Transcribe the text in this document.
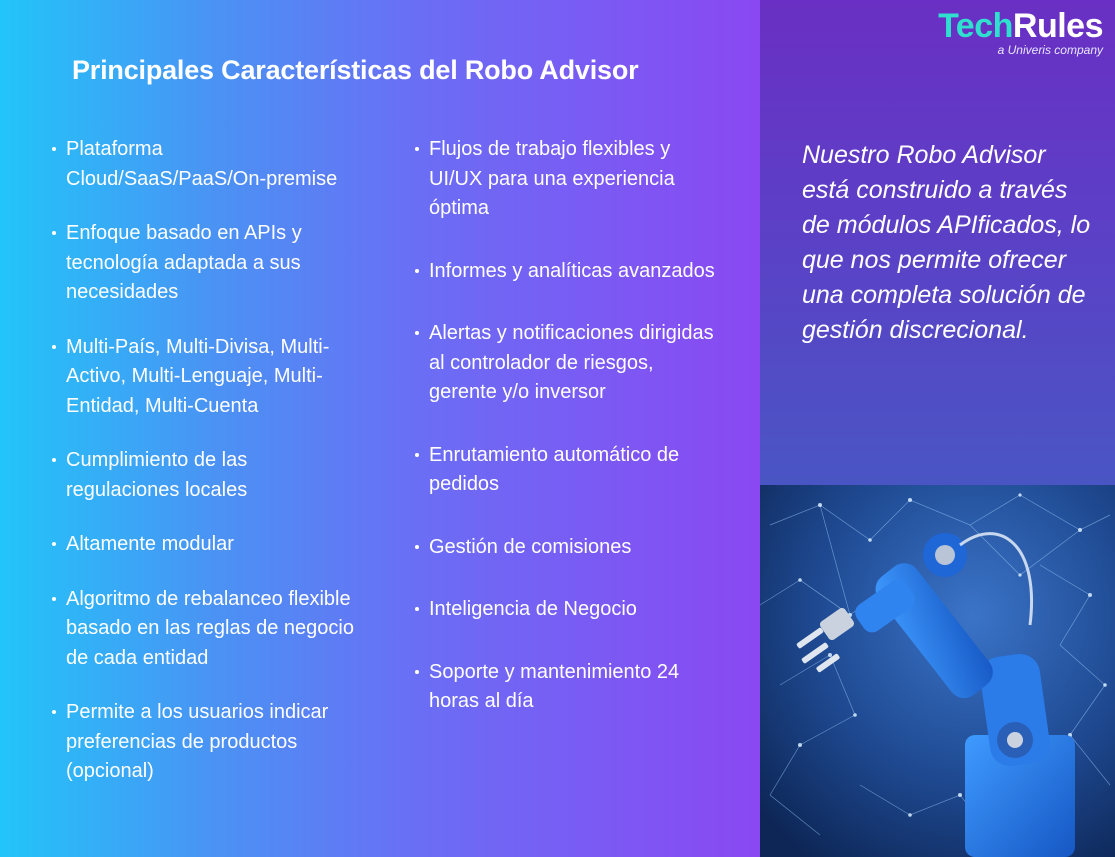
Principales Características del Robo Advisor
Plataforma Cloud/SaaS/PaaS/On-premise
Enfoque basado en APIs y tecnología adaptada a sus necesidades
Multi-País, Multi-Divisa, Multi-Activo, Multi-Lenguaje, Multi-Entidad, Multi-Cuenta
Cumplimiento de las regulaciones locales
Altamente modular
Algoritmo de rebalanceo flexible basado en las reglas de negocio de cada entidad
Permite a los usuarios indicar preferencias de productos (opcional)
Flujos de trabajo flexibles y UI/UX para una experiencia óptima
Informes y analíticas avanzados
Alertas y notificaciones dirigidas al controlador de riesgos, gerente y/o inversor
Enrutamiento automático de pedidos
Gestión de comisiones
Inteligencia de Negocio
Soporte y mantenimiento 24 horas al día
TechRules
a Univeris company

Nuestro Robo Advisor está construido a través de módulos APIficados, lo que nos permite ofrecer una completa solución de gestión discrecional.
